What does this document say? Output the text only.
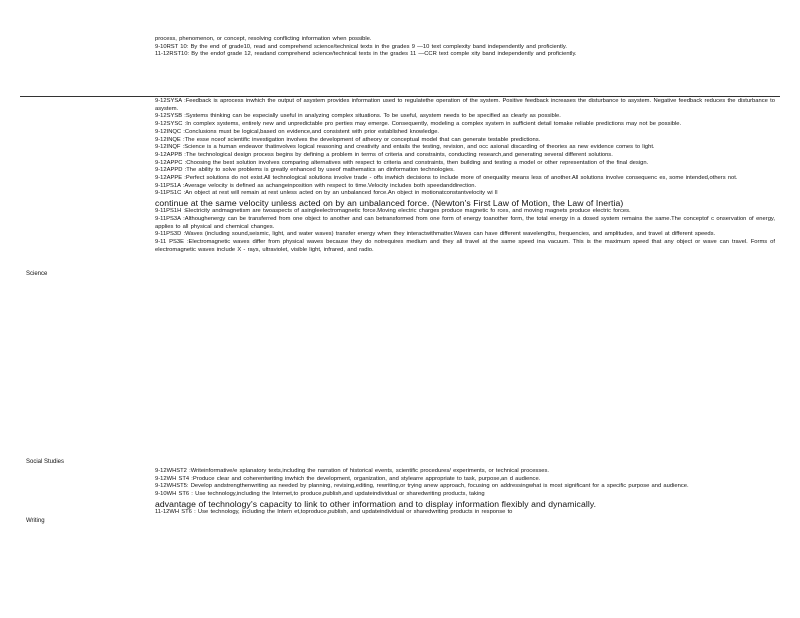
process, phenomenon, or concept, resolving conflicting information when possible.

9-10RST 10: By the end of grade10, read and comprehend science/technical texts in the grades 9 —10 text complexity band independently and proficiently.

11-12RST10: By the endof grade 12, readand comprehend science/technical texts in the grades 11 —CCR text comple xity band independently and proficiently.

Science

9-12SYSA :Feedback is aprocess inwhich the output of asystem provides information used to regulatethe operation of the system. Positive feedback increases the disturbance to asystem. Negative feedback reduces the disturbance to asystem.

9-12SYSB :Systems thinking can be especially useful in analyzing complex situations. To be useful, asystem needs to be specified as clearly as possible.

9-12SYSC :In complex systems, entirely new and unpredictable pro perties may emerge. Consequently, modeling a complex system in sufficient detail tomake reliable predictions may not be possible.

9-12INQC :Conclusions must be logical,based on evidence,and consistent with prior established knowledge.

9-12INQE :The esse nceof scientific investigation involves the development of atheory or conceptual model that can generate testable predictions.

9-12INQF :Science is a human endeavor thatinvolves logical reasoning and creativity and entails the testing, revision, and occ asional discarding of theories as new evidence comes to light.

9-12APPB :The technological design process begins by defining a problem in terms of criteria and constraints, conducting research,and generating several different solutions.

9-12APPC :Choosing the best solution involves comparing alternatives with respect to criteria and constraints, then building and testing a model or other representation of the final design.

9-12APPD :The ability to solve problems is greatly enhanced by useof mathematics an dinformation technologies.

9-12APPE :Perfect solutions do not exist.All technological solutions involve trade - offs inwhich decisions to include more of onequality means less of another.All solutions involve consequenc es, some intended,others not.

9-11PS1A :Average velocity is defined as achangeinposition with respect to time.Velocity includes both speedanddirection.

9-11PS1C :An object at rest will remain at rest unless acted on by an unbalanced force.An object in motionatconstantvelocity wi ll

continue at the same velocity unless acted on by an unbalanced force. (Newton's First Law of Motion, the Law of Inertia)

9-11PS1H :Electricity andmagnetism are twoaspects of asingleelectromagnetic force.Moving electric charges produce magnetic fo rces, and moving magnets produce electric forces.

9-11PS3A :Althoughenergy can be transferred from one object to another and can betransformed from one form of energy toanother form, the total energy in a dosed system remains the same.The conceptof c onservation of energy, applies to all physical and chemical changes.

9-11PS3D :Waves (including sound,seismic, light, and water waves) transfer energy when they interactwithmatter.Waves can have different wavelengths, frequencies, and amplitudes, and travel at different speeds.

9-11 PS3E :Electromagnetic waves differ from physical waves because they do notrequires medium and they all travel at the same speed ina vacuum. This is the maximum speed that any object or wave can travel. Forms of electromagnetic waves include X - rays, ultraviolet, visible light, infrared, and radio.

Social Studies
Writing

9-12WHST2 :Writeinformative/e xplanatory texts,including the narration of historical events, scientific procedures/ experiments, or technical processes.

9-12WH ST4 :Produce clear and coherentwriting inwhich the development, organization, and stylearre appropriate to task, purpose,an d audience.

9-12WHST5: Develop andstrengthenwriting as needed by planning, revising,editing, rewriting,or trying anew approach, focusing on addressingwhat is most significant for a specific purpose and audience.

9-10WH ST6 : Use technology,including the Internet,to produce,publish,and updateindividual or sharedwriting products, taking

advantage of technology's capacity to link to other information and to display information flexibly and dynamically.

11-12WH ST6 : Use technology, including the Intern et,toproduce,publish, and updateindividual or sharedwriting products in response to
